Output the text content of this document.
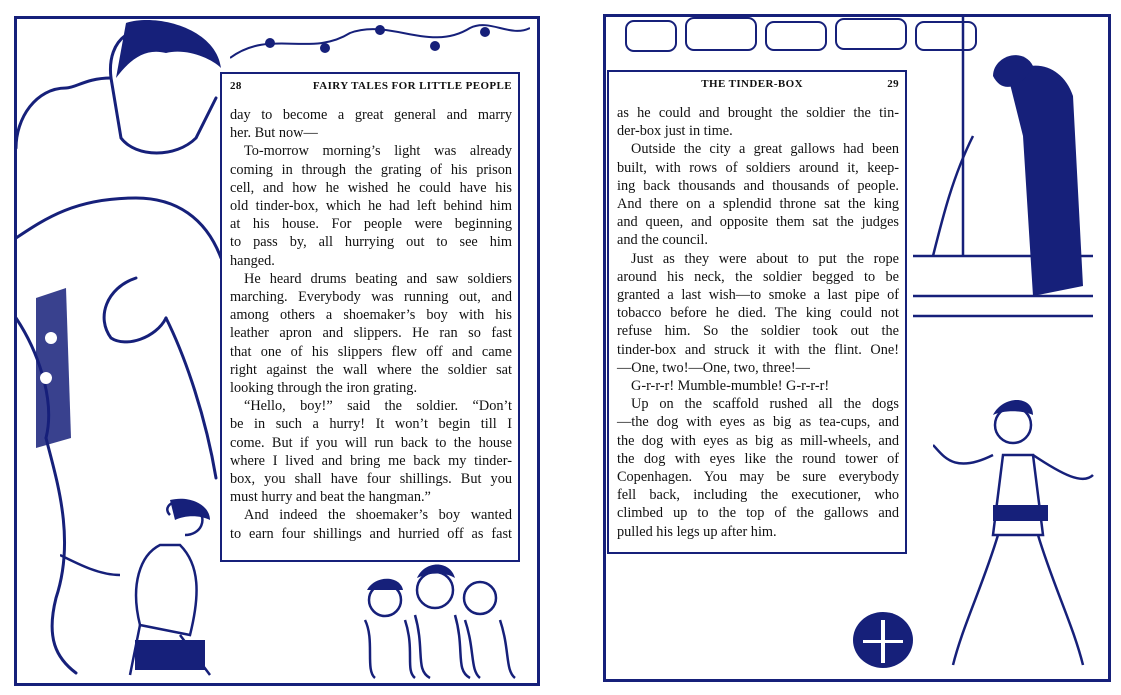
28	FAIRY TALES FOR LITTLE PEOPLE
day to become a great general and marry
her. But now—
To-morrow morning’s light was already
coming in through the grating of his prison
cell, and how he wished he could have his
old tinder-box, which he had left behind him
at his house. For people were beginning
to pass by, all hurrying out to see him
hanged.
He heard drums beating and saw soldiers
marching. Everybody was running out, and
among others a shoemaker’s boy with his
leather apron and slippers. He ran so fast
that one of his slippers flew off and came
right against the wall where the soldier sat
looking through the iron grating.
“Hello, boy!” said the soldier. “Don’t
be in such a hurry! It won’t begin till I
come. But if you will run back to the house
where I lived and bring me back my tinder-
box, you shall have four shillings. But you
must hurry and beat the hangman.”
And indeed the shoemaker’s boy wanted
to earn four shillings and hurried off as fast
THE TINDER-BOX	29
as he could and brought the soldier the tin-
der-box just in time.
Outside the city a great gallows had been
built, with rows of soldiers around it, keep-
ing back thousands and thousands of people.
And there on a splendid throne sat the king
and queen, and opposite them sat the judges
and the council.
Just as they were about to put the rope
around his neck, the soldier begged to be
granted a last wish—to smoke a last pipe of
tobacco before he died. The king could not
refuse him. So the soldier took out the
tinder-box and struck it with the flint. One!
—One, two!—One, two, three!—
G-r-r-r! Mumble-mumble! G-r-r-r!
Up on the scaffold rushed all the dogs
—the dog with eyes as big as tea-cups, and
the dog with eyes as big as mill-wheels, and
the dog with eyes like the round tower of
Copenhagen. You may be sure everybody
fell back, including the executioner, who
climbed up to the top of the gallows and
pulled his legs up after him.
